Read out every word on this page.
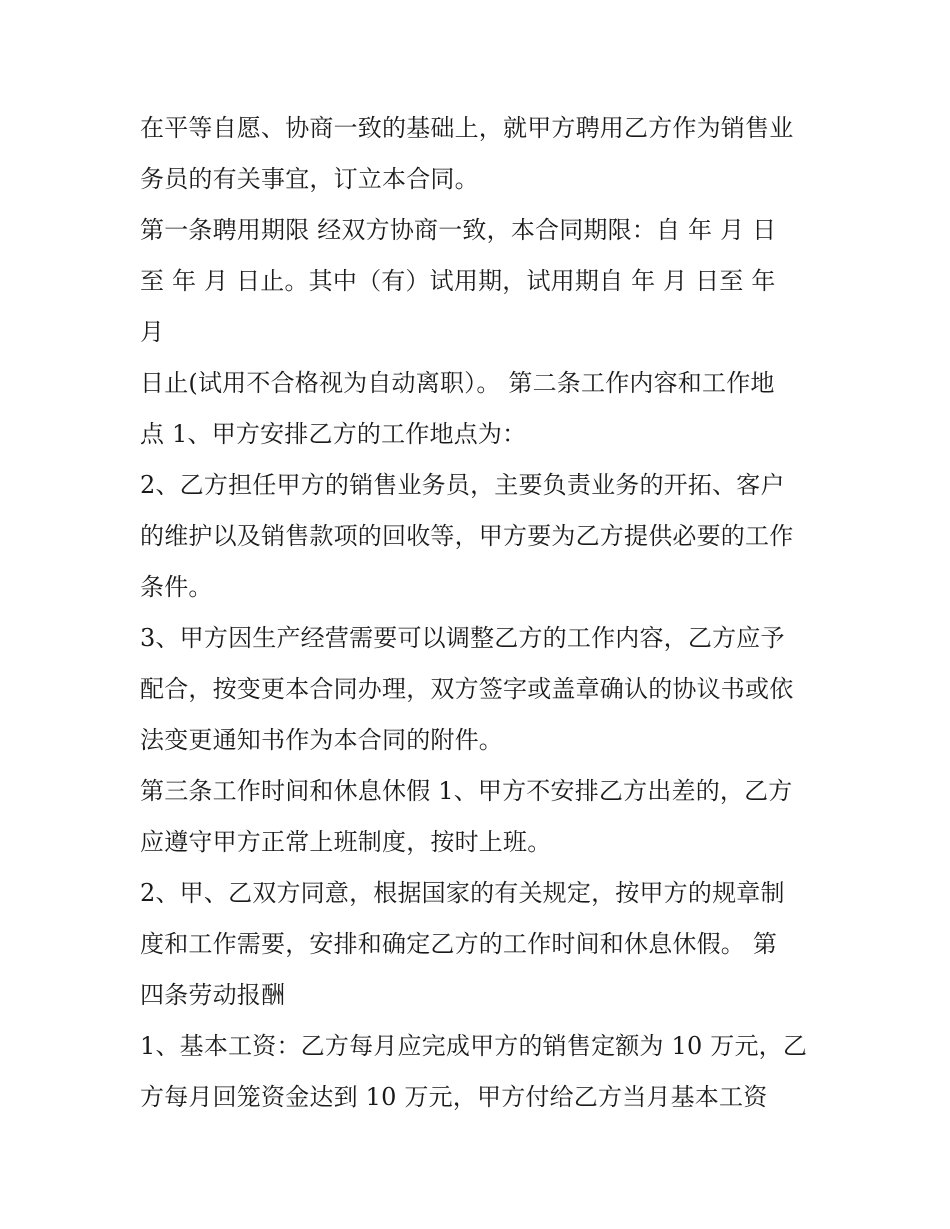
在平等自愿、协商一致的基础上，就甲方聘用乙方作为销售业
务员的有关事宜，订立本合同。
第一条聘用期限 经双方协商一致，本合同期限：自 年 月 日
至 年 月 日止。其中（有）试用期，试用期自 年 月 日至 年
月
日止(试用不合格视为自动离职）。 第二条工作内容和工作地
点 1、甲方安排乙方的工作地点为：
2、乙方担任甲方的销售业务员，主要负责业务的开拓、客户
的维护以及销售款项的回收等，甲方要为乙方提供必要的工作
条件。
3、甲方因生产经营需要可以调整乙方的工作内容，乙方应予
配合，按变更本合同办理，双方签字或盖章确认的协议书或依
法变更通知书作为本合同的附件。
第三条工作时间和休息休假 1、甲方不安排乙方出差的，乙方
应遵守甲方正常上班制度，按时上班。
2、甲、乙双方同意，根据国家的有关规定，按甲方的规章制
度和工作需要，安排和确定乙方的工作时间和休息休假。 第
四条劳动报酬
1、基本工资：乙方每月应完成甲方的销售定额为 10 万元，乙
方每月回笼资金达到 10 万元，甲方付给乙方当月基本工资
